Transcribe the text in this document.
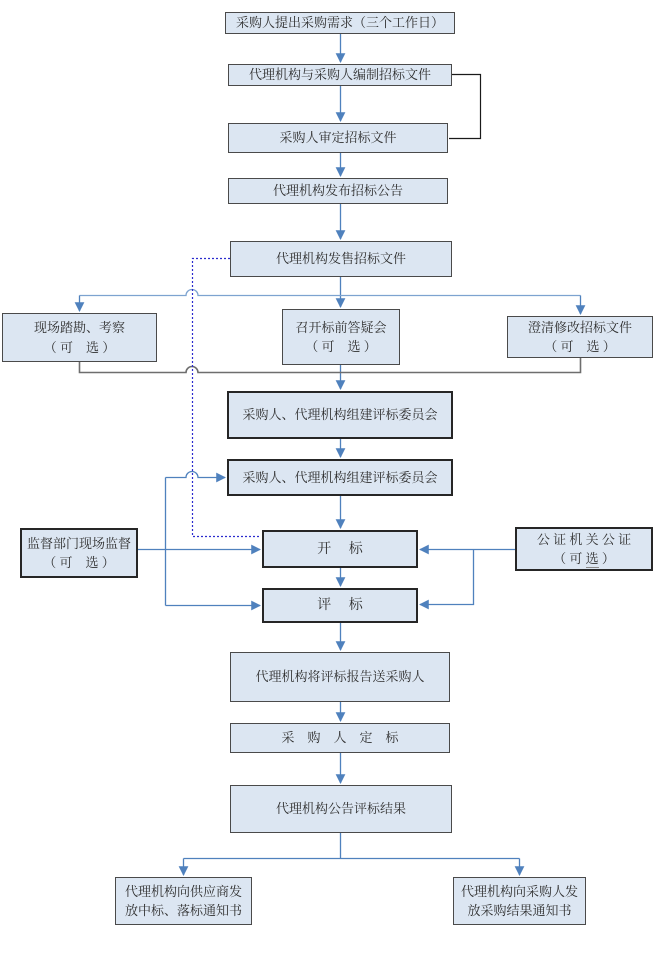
采购人提出采购需求（三个工作日）
代理机构与采购人编制招标文件
采购人审定招标文件
代理机构发布招标公告
代理机构发售招标文件
现场踏勘、考察
（ 可　选 ）
召开标前答疑会
（ 可　选 ）
澄清修改招标文件
（ 可　选 ）
采购人、代理机构组建评标委员会
采购人、代理机构组建评标委员会
监督部门现场监督
（ 可　选 ）
开　 标
公 证 机 关 公 证
（ 可 选 ）
评　 标
代理机构将评标报告送采购人
采　购　人　定　标
代理机构公告评标结果
代理机构向供应商发
放中标、落标通知书
代理机构向采购人发
放采购结果通知书
